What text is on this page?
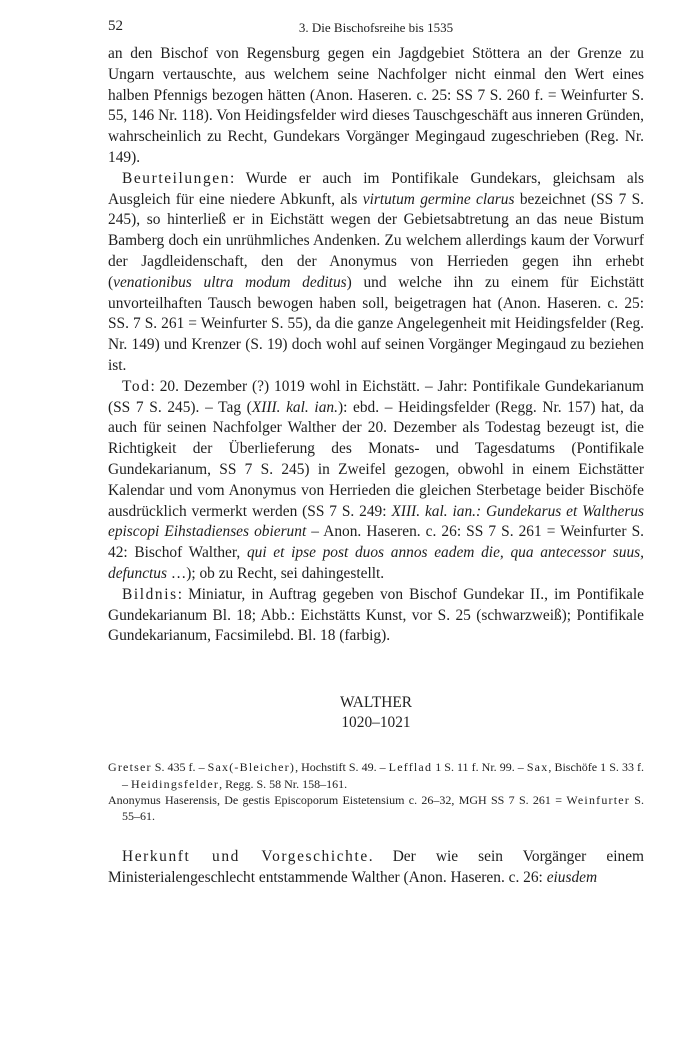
52	3. Die Bischofsreihe bis 1535

an den Bischof von Regensburg gegen ein Jagdgebiet Stöttera an der Grenze zu Ungarn vertauschte, aus welchem seine Nachfolger nicht einmal den Wert eines halben Pfennigs bezogen hätten (Anon. Haseren. c. 25: SS 7 S. 260 f. = Weinfurter S. 55, 146 Nr. 118). Von Heidingsfelder wird dieses Tauschgeschäft aus inneren Gründen, wahrscheinlich zu Recht, Gundekars Vorgänger Megingaud zugeschrieben (Reg. Nr. 149).

Beurteilungen: Wurde er auch im Pontifikale Gundekars, gleichsam als Ausgleich für eine niedere Abkunft, als virtutum germine clarus bezeichnet (SS 7 S. 245), so hinterließ er in Eichstätt wegen der Gebietsabtretung an das neue Bistum Bamberg doch ein unrühmliches Andenken. Zu welchem allerdings kaum der Vorwurf der Jagdleidenschaft, den der Anonymus von Herrieden gegen ihn erhebt (venationibus ultra modum deditus) und welche ihn zu einem für Eichstätt unvorteilhaften Tausch bewogen haben soll, beigetragen hat (Anon. Haseren. c. 25: SS. 7 S. 261 = Weinfurter S. 55), da die ganze Angelegenheit mit Heidingsfelder (Reg. Nr. 149) und Krenzer (S. 19) doch wohl auf seinen Vorgänger Megingaud zu beziehen ist.

Tod: 20. Dezember (?) 1019 wohl in Eichstätt. – Jahr: Pontifikale Gundekarianum (SS 7 S. 245). – Tag (XIII. kal. ian.): ebd. – Heidingsfelder (Regg. Nr. 157) hat, da auch für seinen Nachfolger Walther der 20. Dezember als Todestag bezeugt ist, die Richtigkeit der Überlieferung des Monats- und Tagesdatums (Pontifikale Gundekarianum, SS 7 S. 245) in Zweifel gezogen, obwohl in einem Eichstätter Kalendar und vom Anonymus von Herrieden die gleichen Sterbetage beider Bischöfe ausdrücklich vermerkt werden (SS 7 S. 249: XIII. kal. ian.: Gundekarus et Waltherus episcopi Eihstadienses obierunt – Anon. Haseren. c. 26: SS 7 S. 261 = Weinfurter S. 42: Bischof Walther, qui et ipse post duos annos eadem die, qua antecessor suus, defunctus …); ob zu Recht, sei dahingestellt.

Bildnis: Miniatur, in Auftrag gegeben von Bischof Gundekar II., im Pontifikale Gundekarianum Bl. 18; Abb.: Eichstätts Kunst, vor S. 25 (schwarzweiß); Pontifikale Gundekarianum, Facsimilebd. Bl. 18 (farbig).

WALTHER
1020–1021
Gretser S. 435 f. – Sax(-Bleicher), Hochstift S. 49. – Lefflad 1 S. 11 f. Nr. 99. – Sax, Bischöfe 1 S. 33 f. – Heidingsfelder, Regg. S. 58 Nr. 158–161.
Anonymus Haserensis, De gestis Episcoporum Eistetensium c. 26–32, MGH SS 7 S. 261 = Weinfurter S. 55–61.

Herkunft und Vorgeschichte. Der wie sein Vorgänger einem Ministerialengeschlecht entstammende Walther (Anon. Haseren. c. 26: eiusdem
